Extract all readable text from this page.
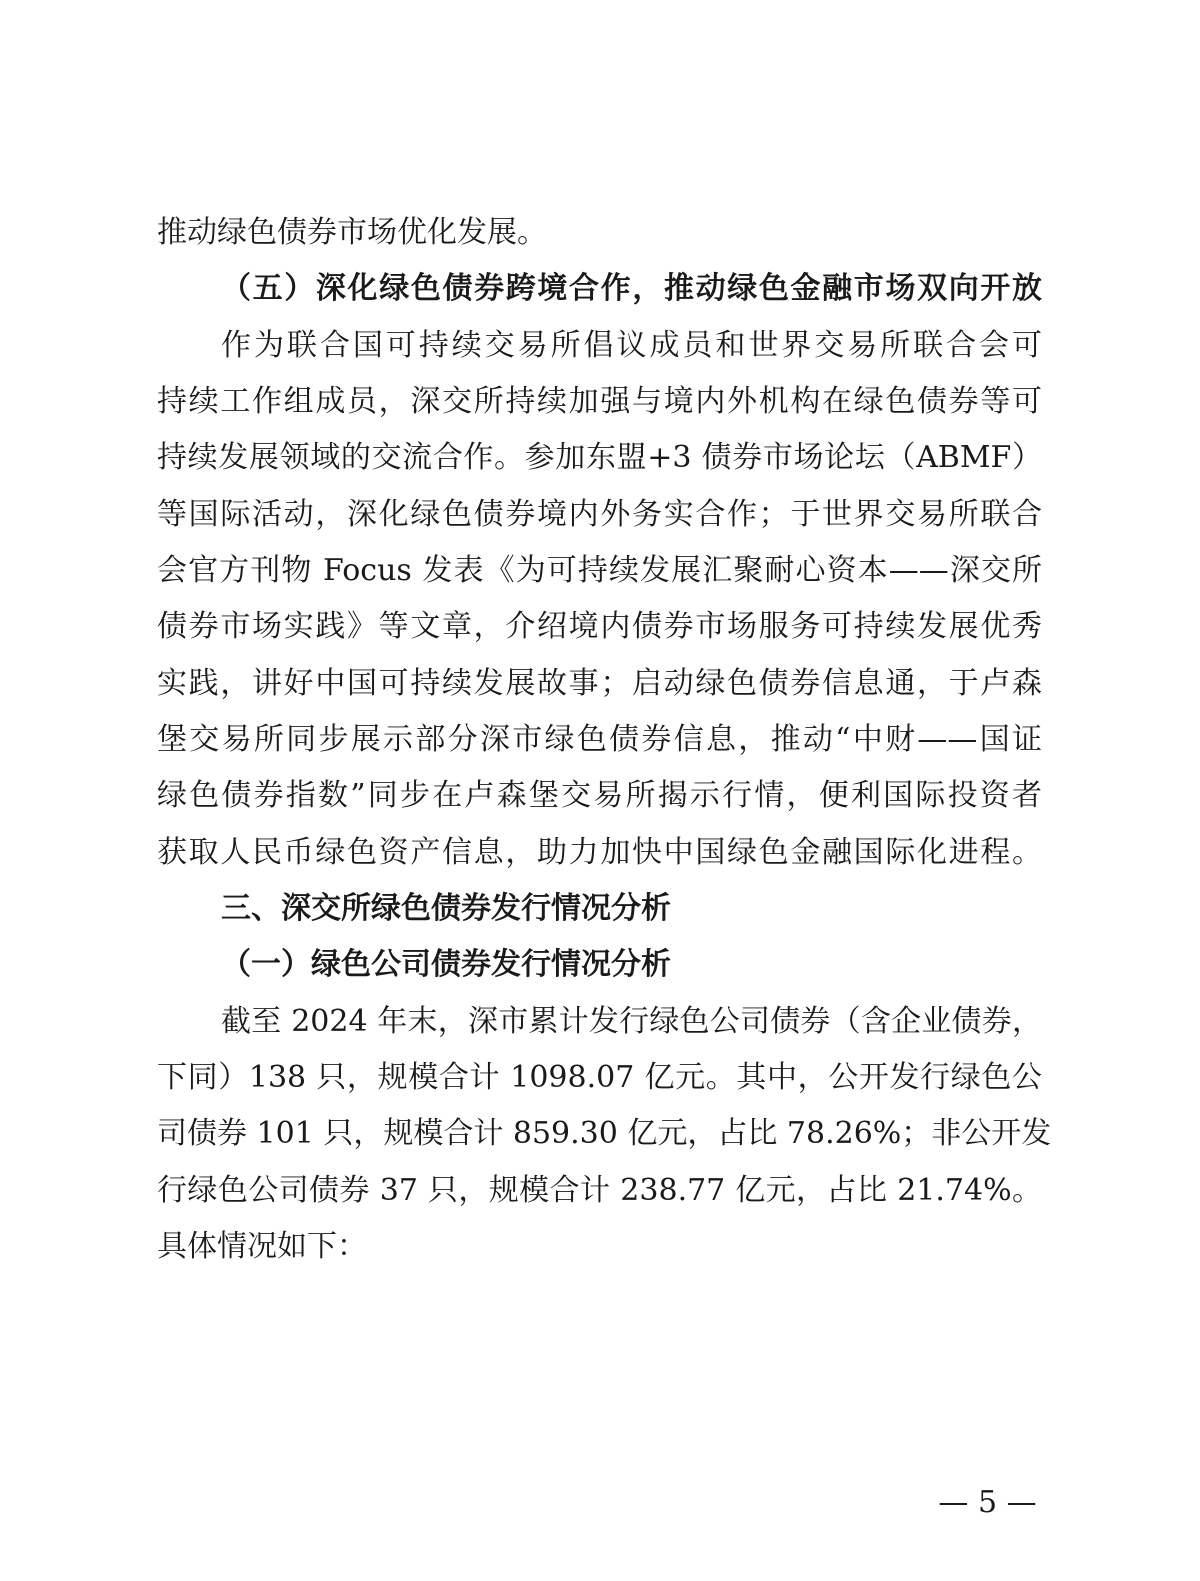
推动绿色债券市场优化发展。
（五）深化绿色债券跨境合作，推动绿色金融市场双向开放
作为联合国可持续交易所倡议成员和世界交易所联合会可
持续工作组成员，深交所持续加强与境内外机构在绿色债券等可
持续发展领域的交流合作。参加东盟+3 债券市场论坛（ABMF）
等国际活动，深化绿色债券境内外务实合作；于世界交易所联合
会官方刊物 Focus 发表《为可持续发展汇聚耐心资本——深交所
债券市场实践》等文章，介绍境内债券市场服务可持续发展优秀
实践，讲好中国可持续发展故事；启动绿色债券信息通，于卢森
堡交易所同步展示部分深市绿色债券信息，推动“中财——国证
绿色债券指数”同步在卢森堡交易所揭示行情，便利国际投资者
获取人民币绿色资产信息，助力加快中国绿色金融国际化进程。
三、深交所绿色债券发行情况分析
（一）绿色公司债券发行情况分析
截至 2024 年末，深市累计发行绿色公司债券（含企业债券，
下同）138 只，规模合计 1098.07 亿元。其中，公开发行绿色公
司债券 101 只，规模合计 859.30 亿元，占比 78.26%；非公开发
行绿色公司债券 37 只，规模合计 238.77 亿元，占比 21.74%。
具体情况如下：
— 5 —
